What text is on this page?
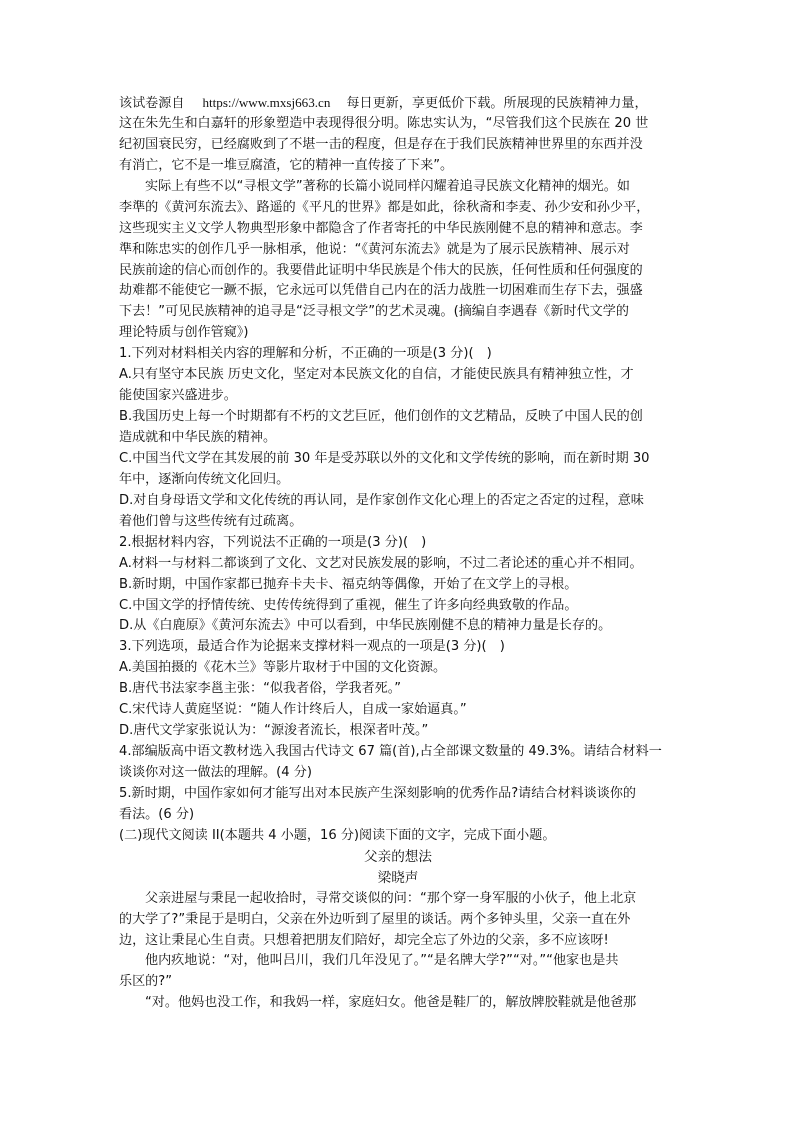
该试卷源自 https://www.mxsj663.cn 每日更新，享更低价下载。所展现的民族精神力量，
这在朱先生和白嘉轩的形象塑造中表现得很分明。陈忠实认为，“尽管我们这个民族在 20 世
纪初国衰民穷，已经腐败到了不堪一击的程度，但是存在于我们民族精神世界里的东西并没
有消亡，它不是一堆豆腐渣，它的精神一直传接了下来”。
实际上有些不以“寻根文学”著称的长篇小说同样闪耀着追寻民族文化精神的烟光。如
李準的《黄河东流去》、路遥的《平凡的世界》都是如此，徐秋斋和李麦、孙少安和孙少平，
这些现实主义文学人物典型形象中都隐含了作者寄托的中华民族刚健不息的精神和意志。李
準和陈忠实的创作几乎一脉相承，他说：“《黄河东流去》就是为了展示民族精神、展示对
民族前途的信心而创作的。我要借此证明中华民族是个伟大的民族，任何性质和任何强度的
劫难都不能使它一蹶不振，它永远可以凭借自己内在的活力战胜一切困难而生存下去，强盛
下去！”可见民族精神的追寻是“泛寻根文学”的艺术灵魂。(摘编自李遇春《新时代文学的
理论特质与创作管窥》)
1.下列对材料相关内容的理解和分析，不正确的一项是(3 分)(　)
A.只有坚守本民族 历史文化，坚定对本民族文化的自信，才能使民族具有精神独立性，才
能使国家兴盛进步。
B.我国历史上每一个时期都有不朽的文艺巨匠，他们创作的文艺精品，反映了中国人民的创
造成就和中华民族的精神。
C.中国当代文学在其发展的前 30 年是受苏联以外的文化和文学传统的影响，而在新时期 30
年中，逐渐向传统文化回归。
D.对自身母语文学和文化传统的再认同，是作家创作文化心理上的否定之否定的过程，意味
着他们曾与这些传统有过疏离。
2.根据材料内容，下列说法不正确的一项是(3 分)(　)
A.材料一与材料二都谈到了文化、文艺对民族发展的影响，不过二者论述的重心并不相同。
B.新时期，中国作家都已抛弃卡夫卡、福克纳等偶像，开始了在文学上的寻根。
C.中国文学的抒情传统、史传传统得到了重视，催生了许多向经典致敬的作品。
D.从《白鹿原》《黄河东流去》中可以看到，中华民族刚健不息的精神力量是长存的。
3.下列选项，最适合作为论据来支撑材料一观点的一项是(3 分)(　)
A.美国拍摄的《花木兰》等影片取材于中国的文化资源。
B.唐代书法家李邕主张：“似我者俗，学我者死。”
C.宋代诗人黄庭坚说：“随人作计终后人，自成一家始逼真。”
D.唐代文学家张说认为：“源浚者流长，根深者叶茂。”
4.部编版高中语文教材选入我国古代诗文 67 篇(首),占全部课文数量的 49.3%。请结合材料一
谈谈你对这一做法的理解。(4 分)
5.新时期，中国作家如何才能写出对本民族产生深刻影响的优秀作品?请结合材料谈谈你的
看法。(6 分)
(二)现代文阅读 II(本题共 4 小题，16 分)阅读下面的文字，完成下面小题。
父亲的想法
梁晓声
父亲进屋与秉昆一起收拾时，寻常交谈似的问：“那个穿一身军服的小伙子，他上北京
的大学了?”秉昆于是明白，父亲在外边听到了屋里的谈话。两个多钟头里，父亲一直在外
边，这让秉昆心生自责。只想着把朋友们陪好，却完全忘了外边的父亲，多不应该呀!
他内疚地说：“对，他叫吕川，我们几年没见了。”“是名牌大学?”“对。”“他家也是共
乐区的?”
“对。他妈也没工作，和我妈一样，家庭妇女。他爸是鞋厂的，解放牌胶鞋就是他爸那
